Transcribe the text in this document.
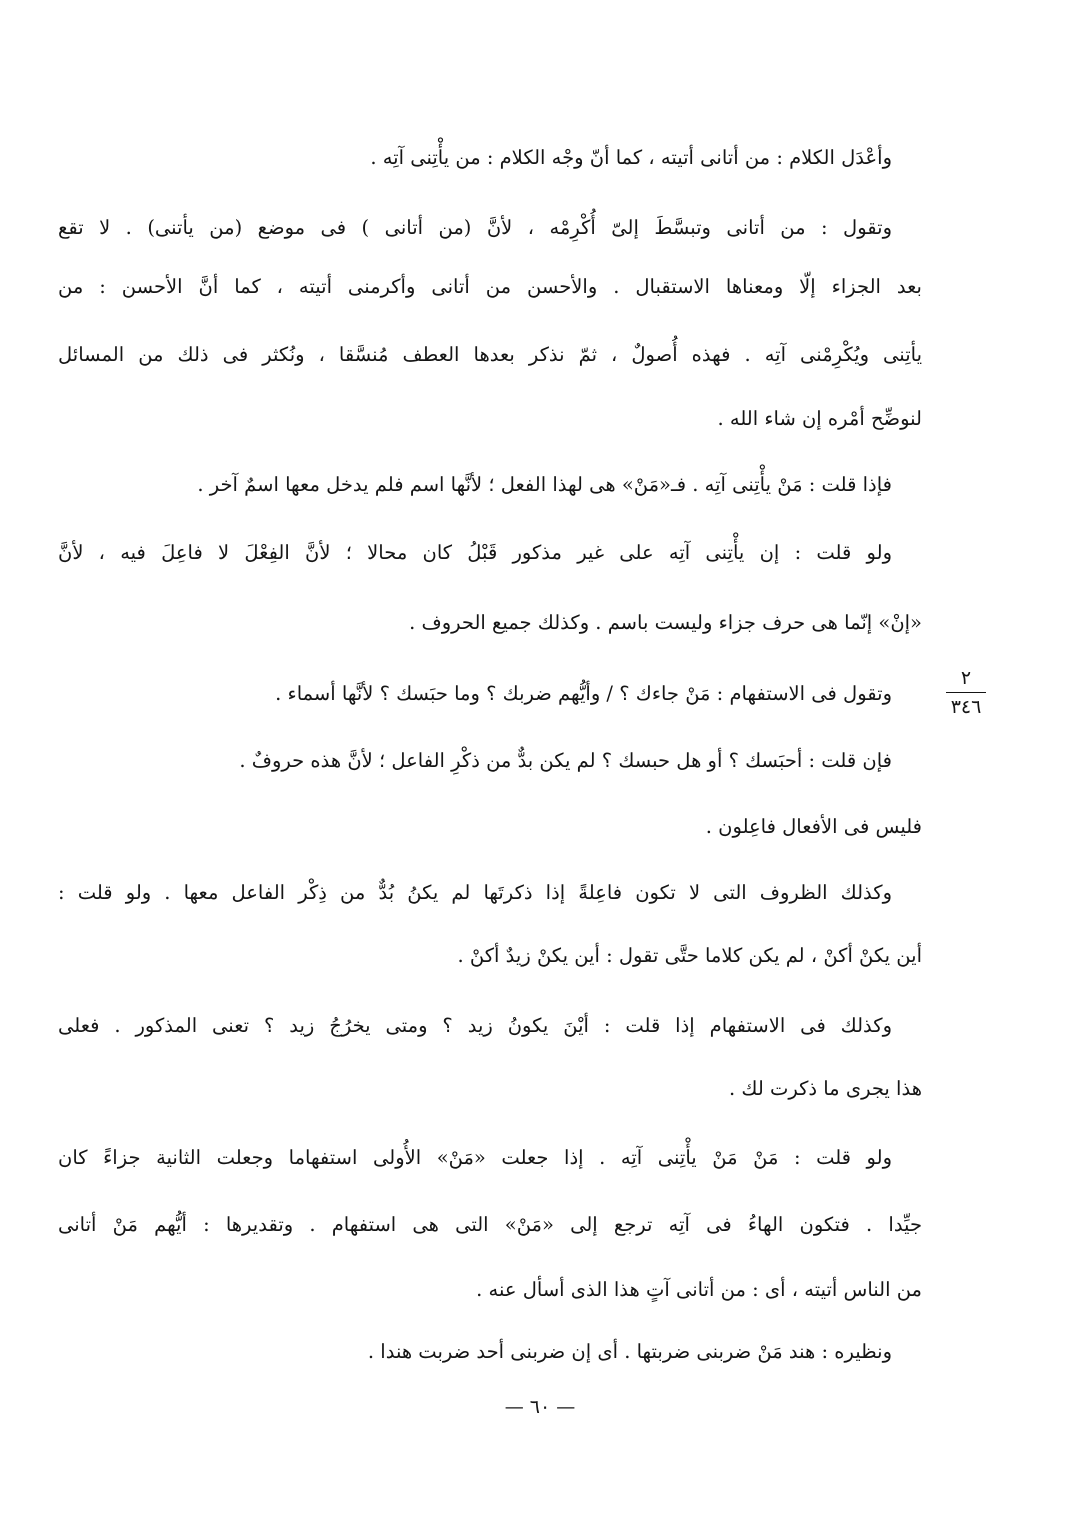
وأعْدَل الكلام : من أتانى أتيته ، كما أنّ وجْه الكلام : من يأْتِنى آتِه .
وتقول : من أتانى وتبسَّطَ إلىّ أُكْرِمْه ، لأنَّ (من أتانى ) فى موضع (من يأتنى) . لا تقع
بعد الجزاء إلّا ومعناها الاستقبال . والأحسن من أتانى وأكرمنى أتيته ، كما أنَّ الأحسن : من
يأتِنى ويُكْرِمْنى آتِه . فهذه أُصولٌ ، ثمّ نذكر بعدها العطف مُنسَّقا ، ونُكثر فى ذلك من المسائل
لنوضِّح أمْره إن شاء الله .
فإذا قلت : مَنْ يأْتِنى آتِه . فـ«مَنْ» هى لهذا الفعل ؛ لأنَّها اسم فلم يدخل معها اسمٌ آخر .
ولو قلت : إن يأْتِنى آتِه على غير مذكور قَبْلُ كان محالا ؛ لأنَّ الفِعْلَ لا فاعِلَ فيه ، لأنَّ
«إنْ» إنّما هى حرف جزاء وليست باسم . وكذلك جميع الحروف .
وتقول فى الاستفهام : مَنْ جاءك ؟ / وأيُّهم ضربك ؟ وما حبَسك ؟ لأنَّها أسماء .
فإن قلت : أحبَسك ؟ أو هل حبسك ؟ لم يكن بدٌّ من ذكْرِ الفاعل ؛ لأنَّ هذه حروفٌ .
فليس فى الأفعال فاعِلون .
وكذلك الظروف التى لا تكون فاعِلةً إذا ذكرتَها لم يكنُ بُدٌّ من ذِكْر الفاعل معها . ولو قلت :
أين يكنْ أكنْ ، لم يكن كلاما حتَّى تقول : أين يكنْ زيدٌ أكنْ .
وكذلك فى الاستفهام إذا قلت : أيْنَ يكونُ زيد ؟ ومتى يخرُجُ زيد ؟ تعنى المذكور . فعلى
هذا يجرى ما ذكرت لك .
ولو قلت : مَنْ مَنْ يأْتِنى آتِه . إذا جعلت «مَنْ» الأُولى استفهاما وجعلت الثانية جزاءً كان
جيِّدا . فتكون الهاءُ فى آتِه ترجع إلى «مَنْ» التى هى استفهام . وتقديرها : أيُّهم مَنْ أتانى
من الناس أتيته ، أى : من أتانى آتٍ هذا الذى أسأل عنه .
ونظيره : هند مَنْ ضربنى ضربتها . أى إن ضربنى أحد ضربت هندا .
٢
٣٤٦
— ٦٠ —
